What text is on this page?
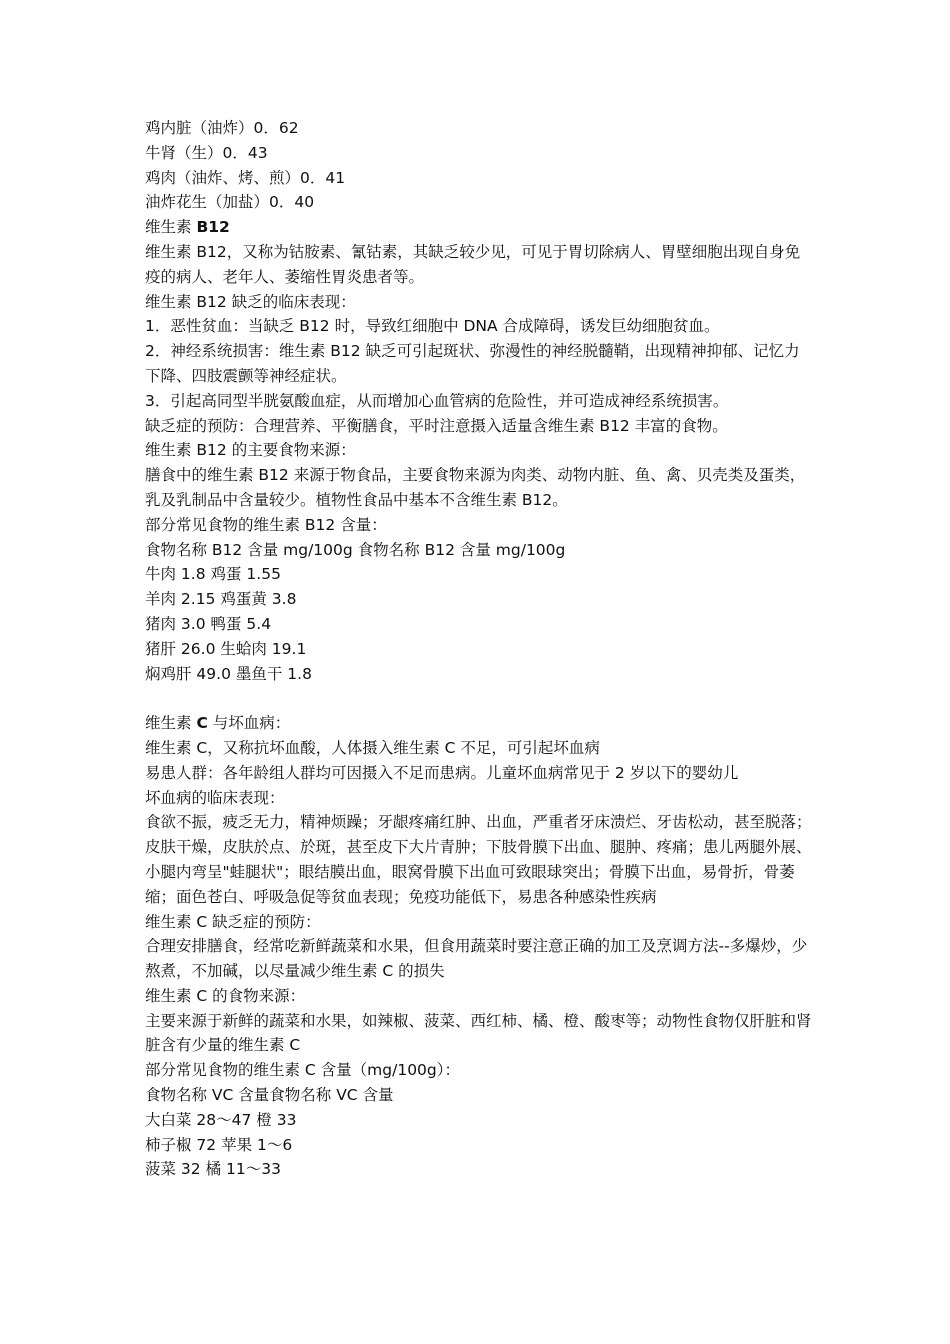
鸡内脏（油炸）0．62
牛肾（生）0．43
鸡肉（油炸、烤、煎）0．41
油炸花生（加盐）0．40
维生素 B12
维生素 B12，又称为钴胺素、氰钴素，其缺乏较少见，可见于胃切除病人、胃壁细胞出现自身免疫的病人、老年人、萎缩性胃炎患者等。
维生素 B12 缺乏的临床表现：
1．恶性贫血：当缺乏 B12 时，导致红细胞中 DNA 合成障碍，诱发巨幼细胞贫血。
2．神经系统损害：维生素 B12 缺乏可引起斑状、弥漫性的神经脱髓鞘，出现精神抑郁、记忆力下降、四肢震颤等神经症状。
3．引起高同型半胱氨酸血症，从而增加心血管病的危险性，并可造成神经系统损害。
缺乏症的预防：合理营养、平衡膳食，平时注意摄入适量含维生素 B12 丰富的食物。
维生素 B12 的主要食物来源：
膳食中的维生素 B12 来源于物食品，主要食物来源为肉类、动物内脏、鱼、禽、贝壳类及蛋类，乳及乳制品中含量较少。植物性食品中基本不含维生素 B12。
部分常见食物的维生素 B12 含量：
食物名称 B12 含量 mg/100g 食物名称 B12 含量 mg/100g
牛肉 1.8 鸡蛋 1.55
羊肉 2.15 鸡蛋黄 3.8
猪肉 3.0 鸭蛋 5.4
猪肝 26.0 生蛤肉 19.1
焖鸡肝 49.0 墨鱼干 1.8
维生素 C 与坏血病：
维生素 C，又称抗坏血酸，人体摄入维生素 C 不足，可引起坏血病
易患人群：各年龄组人群均可因摄入不足而患病。儿童坏血病常见于 2 岁以下的婴幼儿
坏血病的临床表现：
食欲不振，疲乏无力，精神烦躁；牙龈疼痛红肿、出血，严重者牙床溃烂、牙齿松动，甚至脱落；皮肤干燥，皮肤於点、於斑，甚至皮下大片青肿；下肢骨膜下出血、腿肿、疼痛；患儿两腿外展、小腿内弯呈"蛙腿状"；眼结膜出血，眼窝骨膜下出血可致眼球突出；骨膜下出血，易骨折，骨萎缩；面色苍白、呼吸急促等贫血表现；免疫功能低下，易患各种感染性疾病
维生素 C 缺乏症的预防：
合理安排膳食，经常吃新鲜蔬菜和水果，但食用蔬菜时要注意正确的加工及烹调方法--多爆炒，少熬煮，不加碱，以尽量减少维生素 C 的损失
维生素 C 的食物来源：
主要来源于新鲜的蔬菜和水果，如辣椒、菠菜、西红柿、橘、橙、酸枣等；动物性食物仅肝脏和肾脏含有少量的维生素 C
部分常见食物的维生素 C 含量（mg/100g）：
食物名称 VC 含量食物名称 VC 含量
大白菜 28～47 橙 33
柿子椒 72 苹果 1～6
菠菜 32 橘 11～33
